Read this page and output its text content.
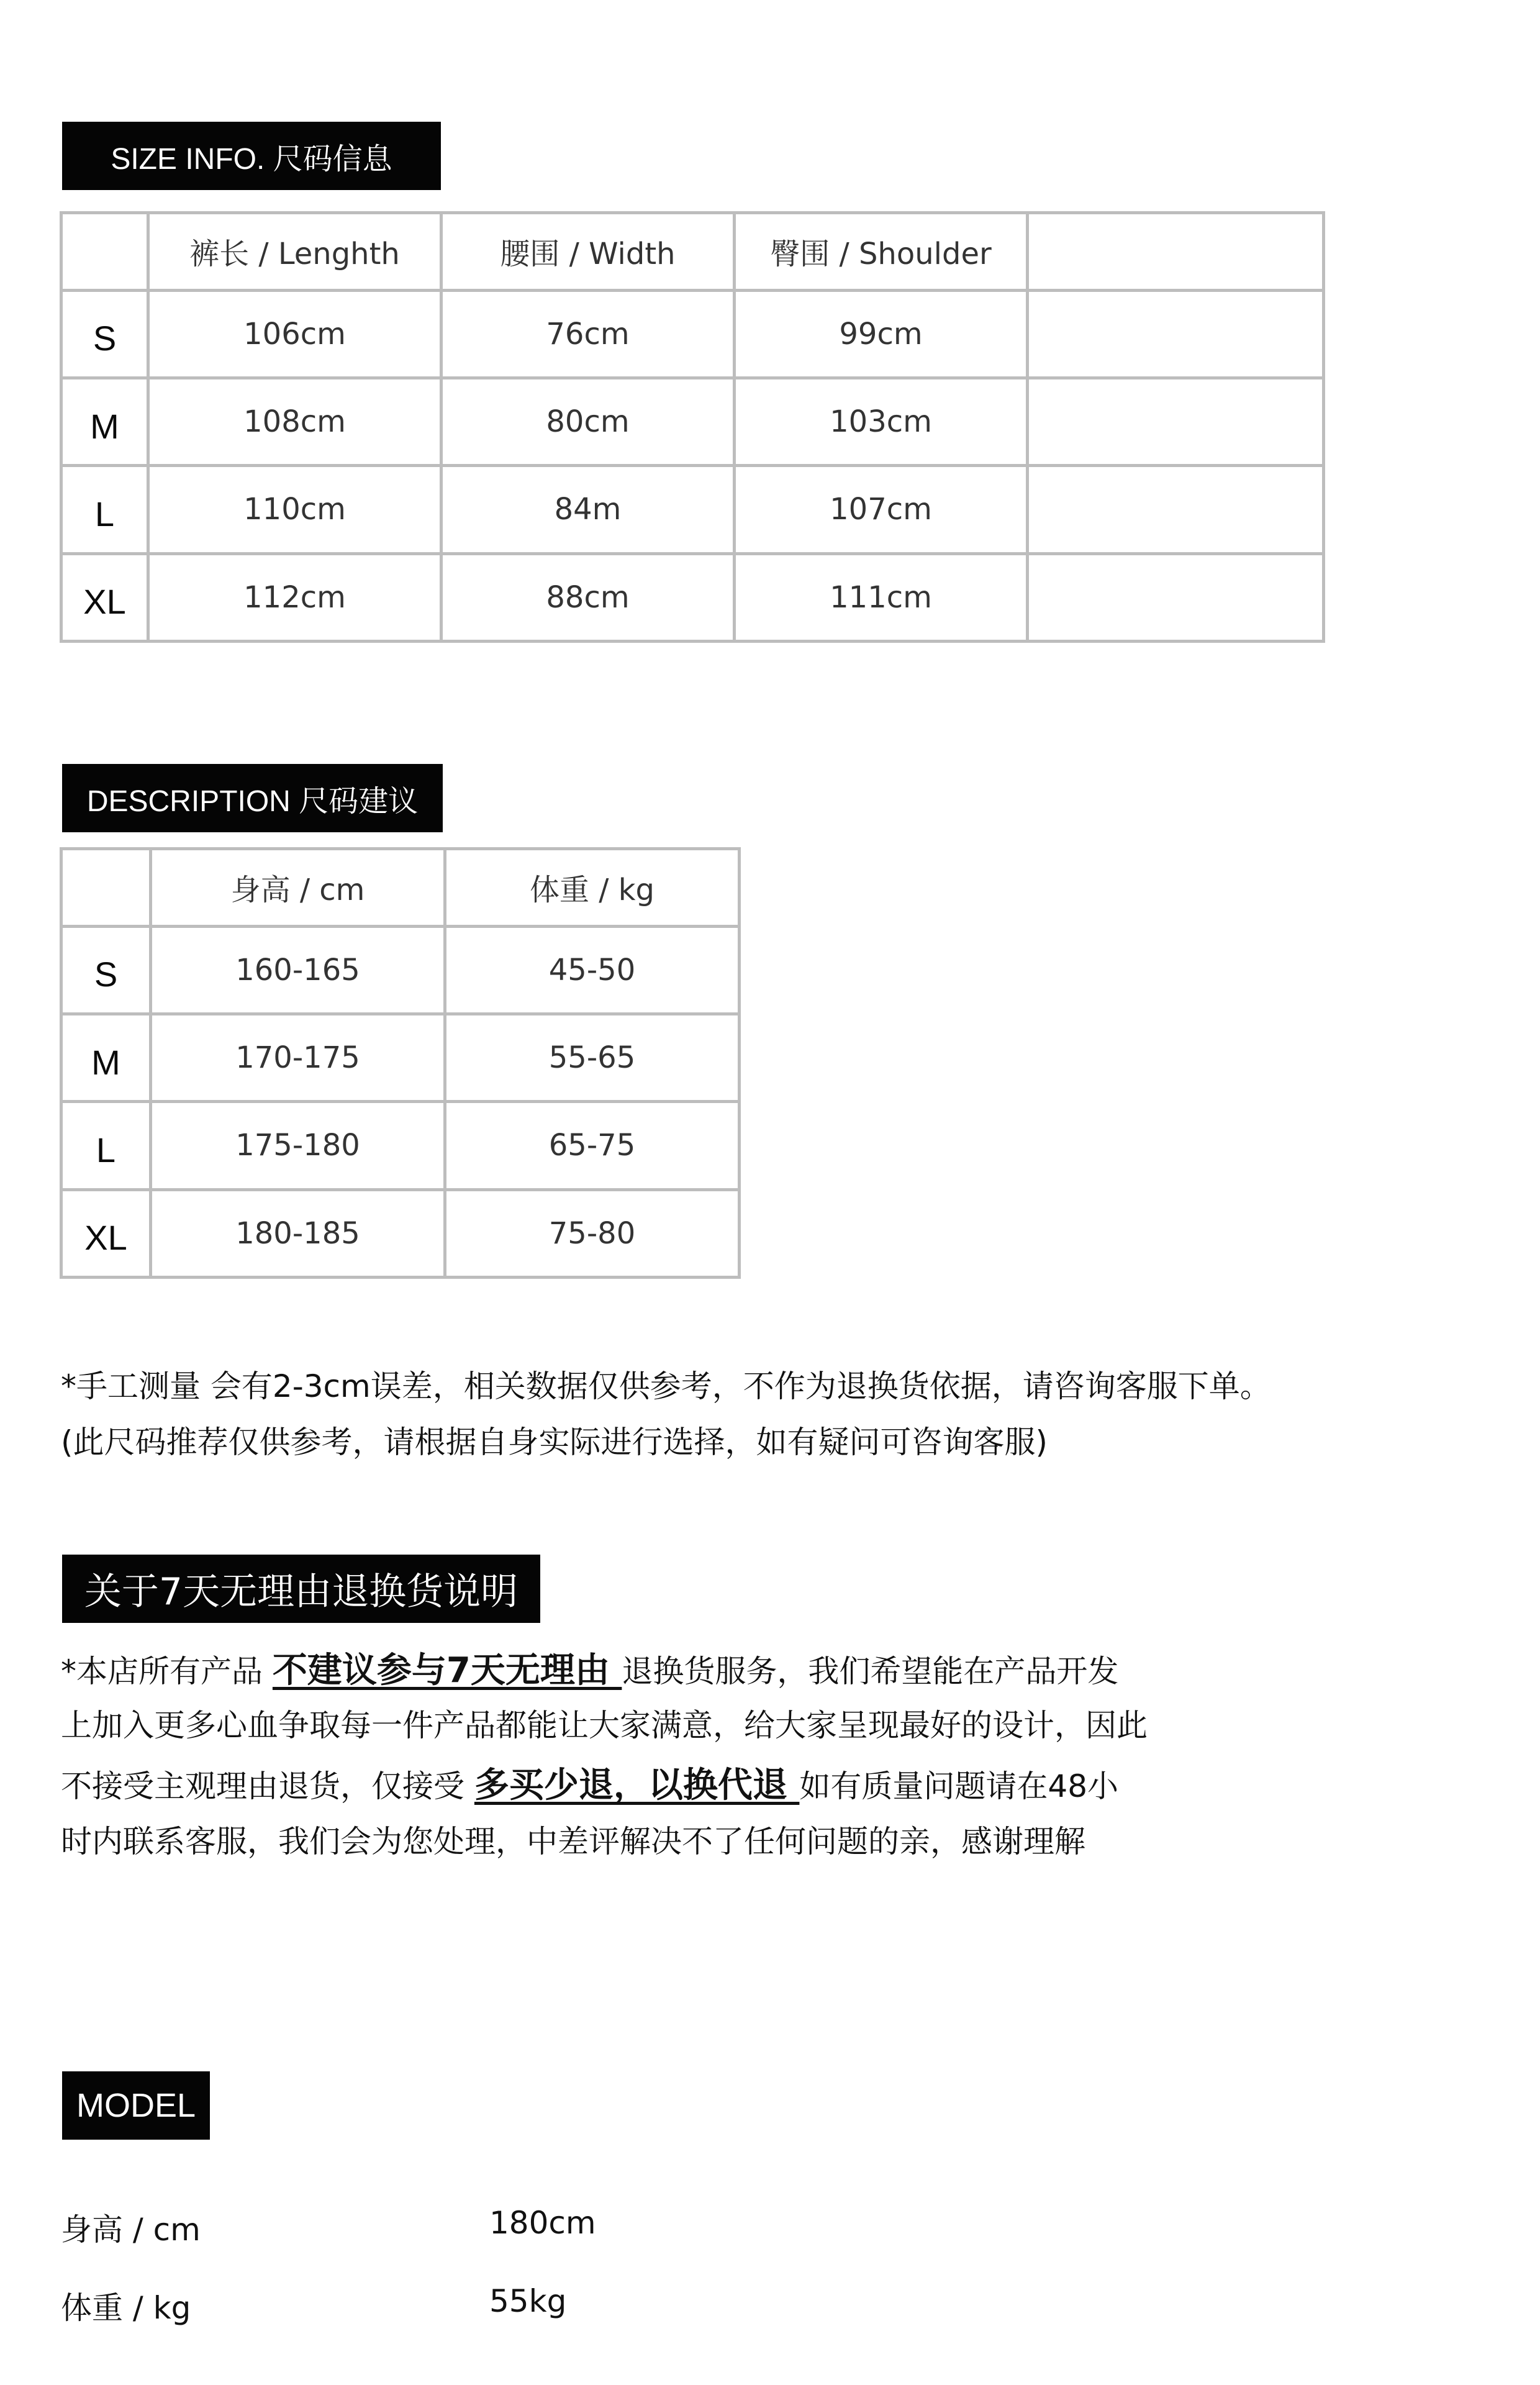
SIZE INFO. 尺码信息
	裤长 / Lenghth	腰围 / Width	臀围 / Shoulder	
S	106cm	76cm	99cm	
M	108cm	80cm	103cm	
L	110cm	84m	107cm	
XL	112cm	88cm	111cm	
DESCRIPTION 尺码建议
	身高 / cm	体重 / kg
S	160-165	45-50
M	170-175	55-65
L	175-180	65-75
XL	180-185	75-80
*手工测量 会有2-3cm误差，相关数据仅供参考，不作为退换货依据，请咨询客服下单。
(此尺码推荐仅供参考，请根据自身实际进行选择，如有疑问可咨询客服)
关于7天无理由退换货说明
*本店所有产品 不建议参与7天无理由 退换货服务，我们希望能在产品开发
上加入更多心血争取每一件产品都能让大家满意，给大家呈现最好的设计，因此
不接受主观理由退货，仅接受 多买少退，以换代退 如有质量问题请在48小
时内联系客服，我们会为您处理，中差评解决不了任何问题的亲，感谢理解
MODEL
身高 / cm	180cm
体重 / kg	55kg
